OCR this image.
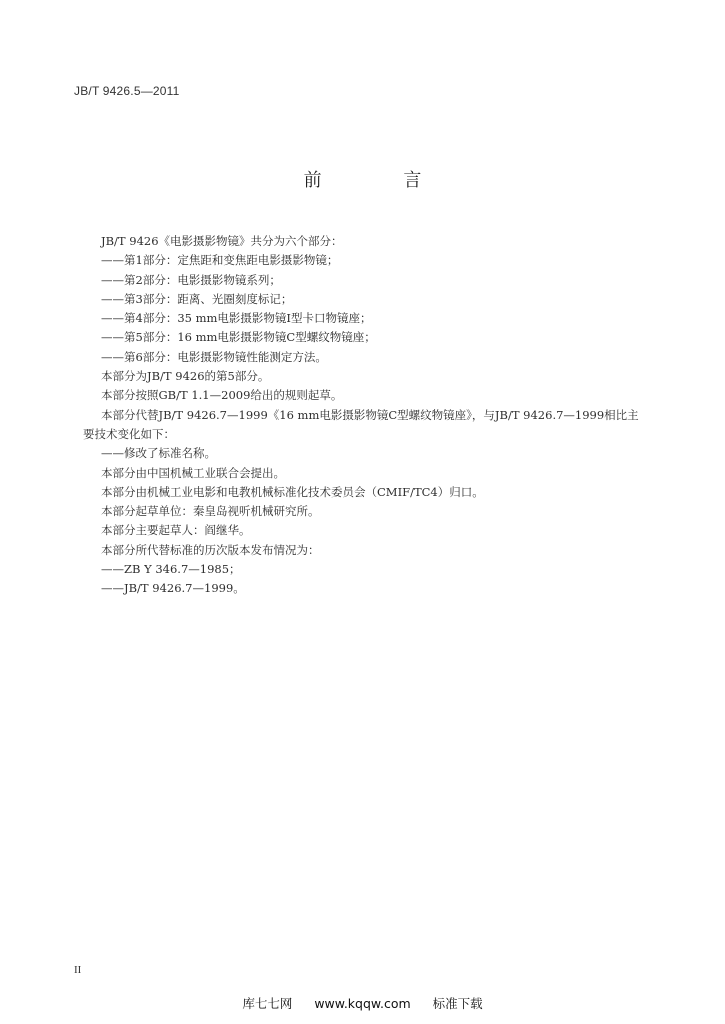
JB/T 9426.5—2011
前 言
JB/T 9426《电影摄影物镜》共分为六个部分：
——第1部分：定焦距和变焦距电影摄影物镜；
——第2部分：电影摄影物镜系列；
——第3部分：距离、光圈刻度标记；
——第4部分：35 mm电影摄影物镜Ⅰ型卡口物镜座；
——第5部分：16 mm电影摄影物镜C型螺纹物镜座；
——第6部分：电影摄影物镜性能测定方法。
本部分为JB/T 9426的第5部分。
本部分按照GB/T 1.1—2009给出的规则起草。
本部分代替JB/T 9426.7—1999《16 mm电影摄影物镜C型螺纹物镜座》，与JB/T 9426.7—1999相比主
要技术变化如下：
——修改了标准名称。
本部分由中国机械工业联合会提出。
本部分由机械工业电影和电教机械标准化技术委员会（CMIF/TC4）归口。
本部分起草单位：秦皇岛视听机械研究所。
本部分主要起草人：阎继华。
本部分所代替标准的历次版本发布情况为：
——ZB Y 346.7—1985；
——JB/T 9426.7—1999。
II
库七七网 www.kqqw.com 标准下载
